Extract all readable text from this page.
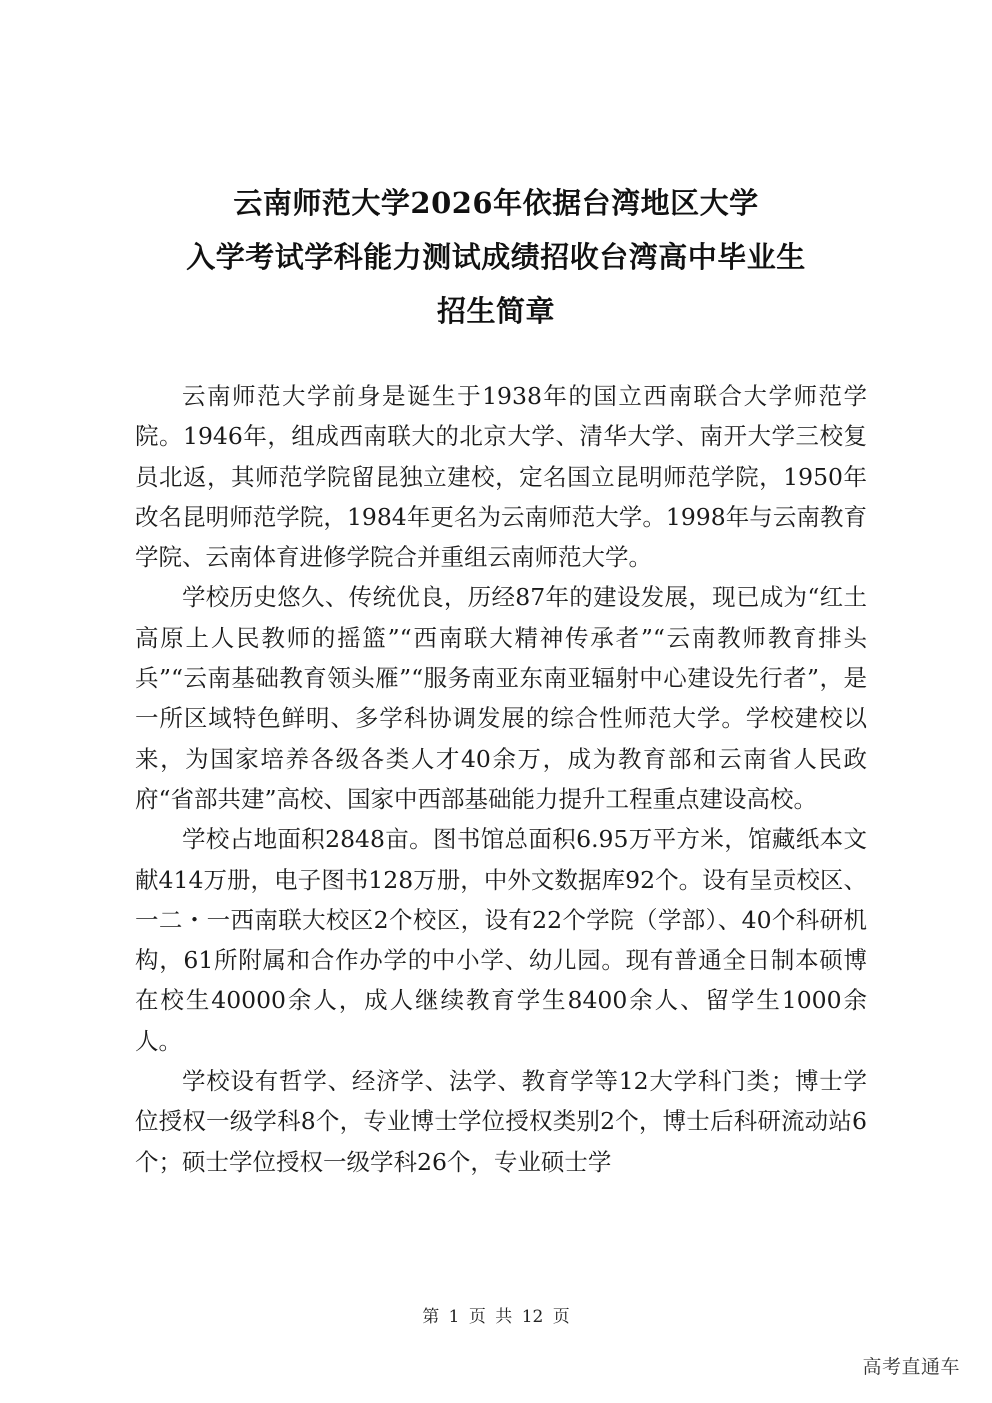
云南师范大学2026年依据台湾地区大学
入学考试学科能力测试成绩招收台湾高中毕业生
招生简章

云南师范大学前身是诞生于1938年的国立西南联合大学师范学院。1946年，组成西南联大的北京大学、清华大学、南开大学三校复员北返，其师范学院留昆独立建校，定名国立昆明师范学院，1950年改名昆明师范学院，1984年更名为云南师范大学。1998年与云南教育学院、云南体育进修学院合并重组云南师范大学。

学校历史悠久、传统优良，历经87年的建设发展，现已成为“红土高原上人民教师的摇篮”“西南联大精神传承者”“云南教师教育排头兵”“云南基础教育领头雁”“服务南亚东南亚辐射中心建设先行者”，是一所区域特色鲜明、多学科协调发展的综合性师范大学。学校建校以来，为国家培养各级各类人才40余万，成为教育部和云南省人民政府“省部共建”高校、国家中西部基础能力提升工程重点建设高校。

学校占地面积2848亩。图书馆总面积6.95万平方米，馆藏纸本文献414万册，电子图书128万册，中外文数据库92个。设有呈贡校区、一二・一西南联大校区2个校区，设有22个学院（学部）、40个科研机构，61所附属和合作办学的中小学、幼儿园。现有普通全日制本硕博在校生40000余人，成人继续教育学生8400余人、留学生1000余人。

学校设有哲学、经济学、法学、教育学等12大学科门类；博士学位授权一级学科8个，专业博士学位授权类别2个，博士后科研流动站6个；硕士学位授权一级学科26个，专业硕士学

第 1 页 共 12 页
高考直通车
